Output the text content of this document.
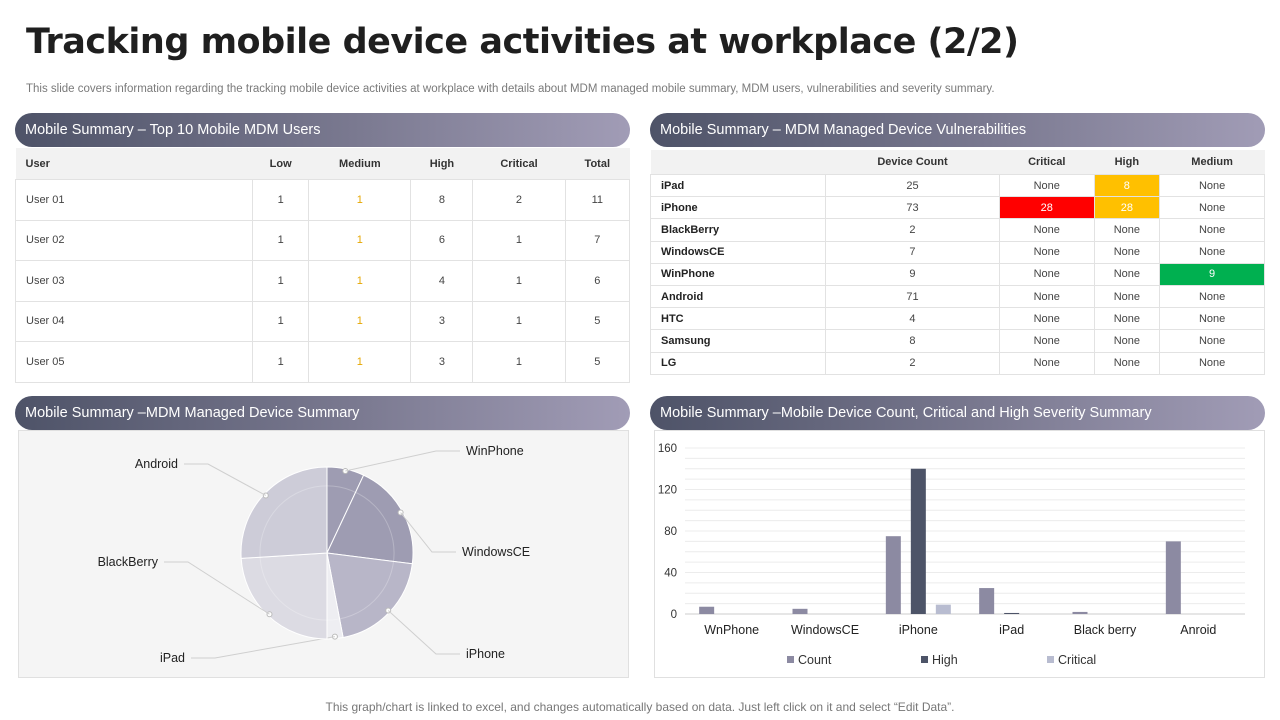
Tracking mobile device activities at workplace (2/2)
This slide covers information regarding the tracking mobile device activities at workplace with details about MDM managed mobile summary, MDM users, vulnerabilities and severity summary.
Mobile Summary – Top 10 Mobile MDM Users
User	Low	Medium	High	Critical	Total
User 01	1	1	8	2	11
User 02	1	1	6	1	7
User 03	1	1	4	1	6
User 04	1	1	3	1	5
User 05	1	1	3	1	5
Mobile Summary – MDM Managed Device Vulnerabilities
	Device Count	Critical	High	Medium
iPad	25	None	8	None
iPhone	73	28	28	None
BlackBerry	2	None	None	None
WindowsCE	7	None	None	None
WinPhone	9	None	None	9
Android	71	None	None	None
HTC	4	None	None	None
Samsung	8	None	None	None
LG	2	None	None	None
Mobile Summary –MDM Managed Device Summary
WinPhone
WindowsCE
iPhone
iPad
BlackBerry
Android
Mobile Summary –Mobile Device Count, Critical and High Severity Summary
0
40
80
120
160
WnPhone	WindowsCE	iPhone	iPad	Black berry	Anroid
Count	High	Critical
This graph/chart is linked to excel, and changes automatically based on data. Just left click on it and select “Edit Data”.
